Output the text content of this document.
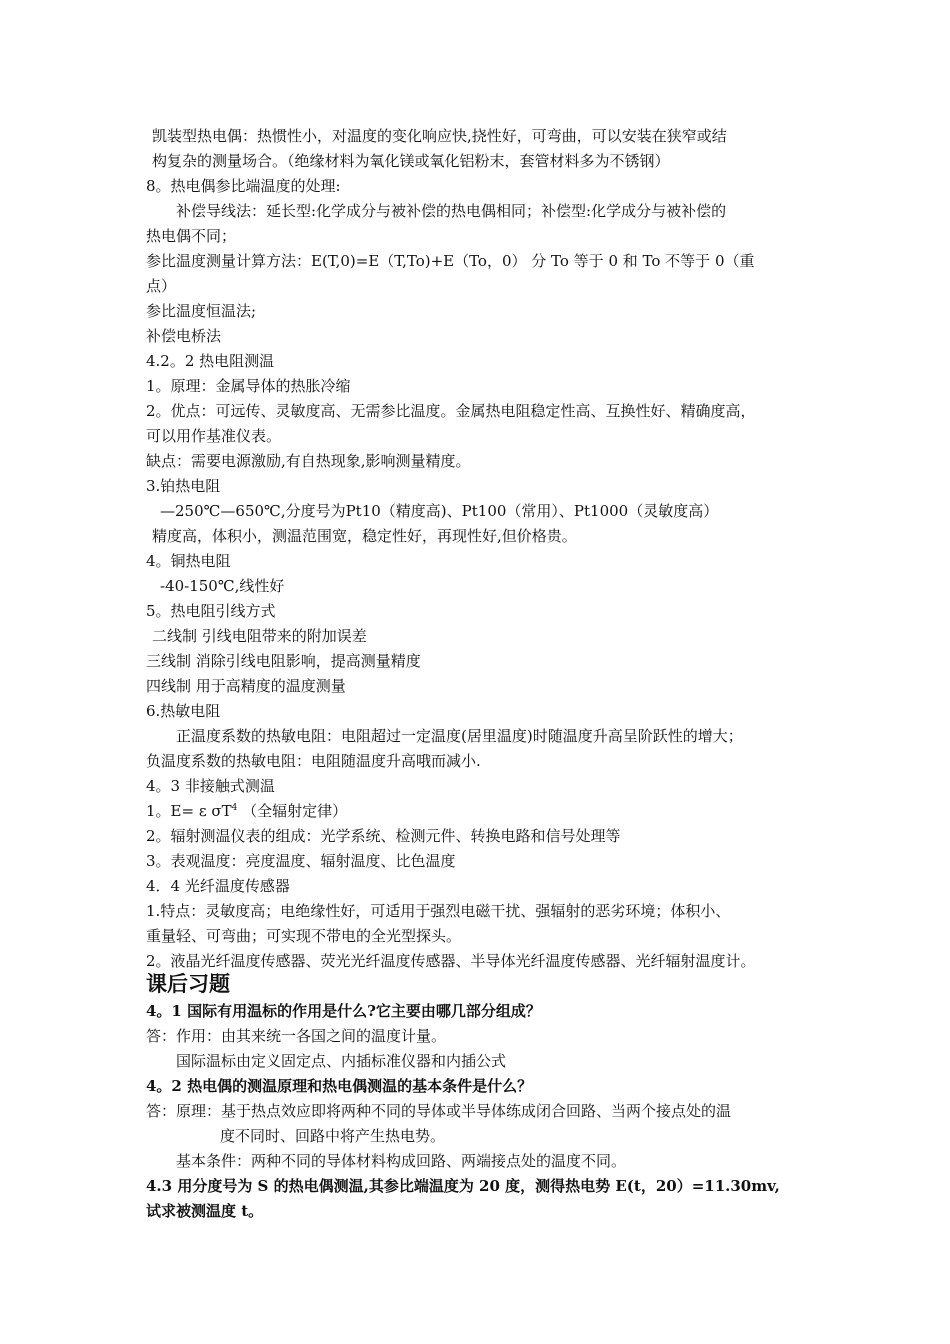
凯装型热电偶：热惯性小，对温度的变化响应快,挠性好，可弯曲，可以安装在狭窄或结
构复杂的测量场合。（绝缘材料为氧化镁或氧化铝粉末，套管材料多为不锈钢）
8。热电偶参比端温度的处理:
补偿导线法：延长型:化学成分与被补偿的热电偶相同；补偿型:化学成分与被补偿的
热电偶不同；
参比温度测量计算方法：E(T,0)=E（T,To)+E（To，0） 分 To 等于 0 和 To 不等于 0（重
点）
参比温度恒温法;
补偿电桥法
4.2。2 热电阻测温
1。原理：金属导体的热胀冷缩
2。优点：可远传、灵敏度高、无需参比温度。金属热电阻稳定性高、互换性好、精确度高，
可以用作基准仪表。
缺点：需要电源激励,有自热现象,影响测量精度。
3.铂热电阻
—250℃—650℃,分度号为Pt10（精度高)、Pt100（常用）、Pt1000（灵敏度高）
精度高，体积小，测温范围宽，稳定性好，再现性好,但价格贵。
4。铜热电阻
-40-150℃,线性好
5。热电阻引线方式
二线制 引线电阻带来的附加误差
三线制 消除引线电阻影响，提高测量精度
四线制 用于高精度的温度测量
6.热敏电阻
正温度系数的热敏电阻：电阻超过一定温度(居里温度)时随温度升高呈阶跃性的增大；
负温度系数的热敏电阻：电阻随温度升高哦而减小.
4。3 非接触式测温
1。E= ε $\sigma T^4$ （全辐射定律）
2。辐射测温仪表的组成：光学系统、检测元件、转换电路和信号处理等
3。表观温度：亮度温度、辐射温度、比色温度
4．4 光纤温度传感器
1.特点：灵敏度高；电绝缘性好，可适用于强烈电磁干扰、强辐射的恶劣环境；体积小、
重量轻、可弯曲；可实现不带电的全光型探头。
2。液晶光纤温度传感器、荧光光纤温度传感器、半导体光纤温度传感器、光纤辐射温度计。
课后习题
4。1 国际有用温标的作用是什么?它主要由哪几部分组成？
答：作用：由其来统一各国之间的温度计量。
国际温标由定义固定点、内插标准仪器和内插公式
4。2 热电偶的测温原理和热电偶测温的基本条件是什么？
答：原理：基于热点效应即将两种不同的导体或半导体练成闭合回路、当两个接点处的温
度不同时、回路中将产生热电势。
基本条件：两种不同的导体材料构成回路、两端接点处的温度不同。
4.3 用分度号为 S 的热电偶测温,其参比端温度为 20 度，测得热电势 E(t，20）=11.30mv,
试求被测温度 t。
